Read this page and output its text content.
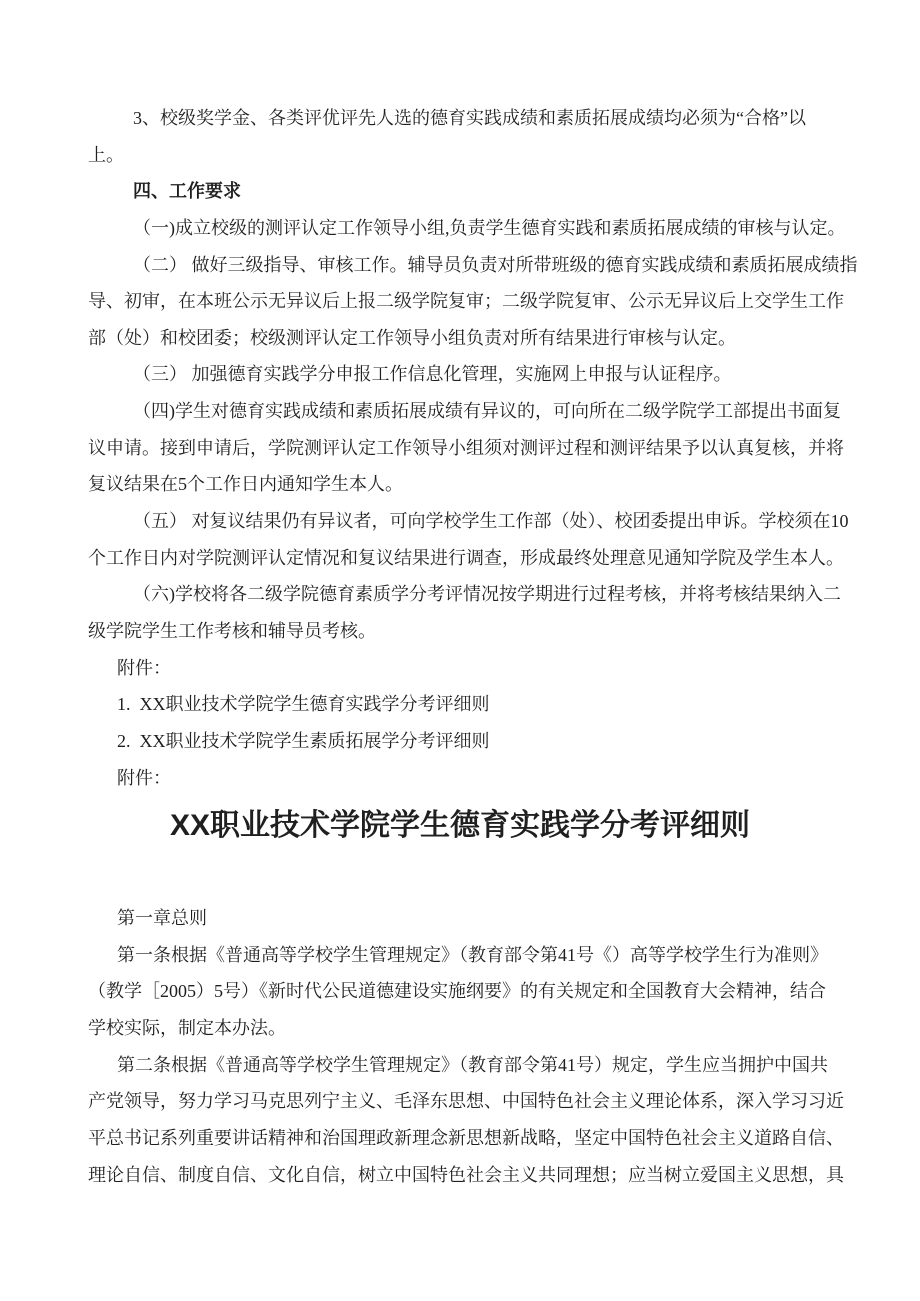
3、校级奖学金、各类评优评先人选的德育实践成绩和素质拓展成绩均必须为“合格”以
上。
四、工作要求
（一)成立校级的测评认定工作领导小组,负责学生德育实践和素质拓展成绩的审核与认定。
（二） 做好三级指导、审核工作。辅导员负责对所带班级的德育实践成绩和素质拓展成绩指
导、初审，在本班公示无异议后上报二级学院复审；二级学院复审、公示无异议后上交学生工作
部（处）和校团委；校级测评认定工作领导小组负责对所有结果进行审核与认定。
（三） 加强德育实践学分申报工作信息化管理，实施网上申报与认证程序。
（四)学生对德育实践成绩和素质拓展成绩有异议的，可向所在二级学院学工部提出书面复
议申请。接到申请后，学院测评认定工作领导小组须对测评过程和测评结果予以认真复核，并将
复议结果在5个工作日内通知学生本人。
（五） 对复议结果仍有异议者，可向学校学生工作部（处）、校团委提出申诉。学校须在10
个工作日内对学院测评认定情况和复议结果进行调查，形成最终处理意见通知学院及学生本人。
（六)学校将各二级学院德育素质学分考评情况按学期进行过程考核，并将考核结果纳入二
级学院学生工作考核和辅导员考核。
附件：
1.  XX职业技术学院学生德育实践学分考评细则
2.  XX职业技术学院学生素质拓展学分考评细则
附件：
XX职业技术学院学生德育实践学分考评细则
第一章总则
第一条根据《普通高等学校学生管理规定》（教育部令第41号《）高等学校学生行为准则》
（教学［2005）5号）《新时代公民道德建设实施纲要》的有关规定和全国教育大会精神，结合
学校实际，制定本办法。
第二条根据《普通高等学校学生管理规定》（教育部令第41号）规定，学生应当拥护中国共
产党领导，努力学习马克思列宁主义、毛泽东思想、中国特色社会主义理论体系，深入学习习近
平总书记系列重要讲话精神和治国理政新理念新思想新战略，坚定中国特色社会主义道路自信、
理论自信、制度自信、文化自信，树立中国特色社会主义共同理想；应当树立爱国主义思想，具
